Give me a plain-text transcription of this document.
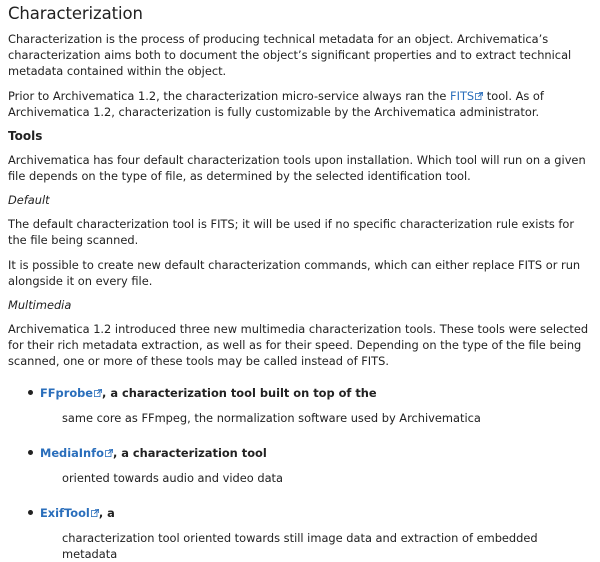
Characterization

Characterization is the process of producing technical metadata for an object. Archivematica’s characterization aims both to document the object’s significant properties and to extract technical metadata contained within the object.

Prior to Archivematica 1.2, the characterization micro-service always ran the FITS tool. As of Archivematica 1.2, characterization is fully customizable by the Archivematica administrator.

Tools

Archivematica has four default characterization tools upon installation. Which tool will run on a given file depends on the type of file, as determined by the selected identification tool.

Default

The default characterization tool is FITS; it will be used if no specific characterization rule exists for the file being scanned.

It is possible to create new default characterization commands, which can either replace FITS or run alongside it on every file.

Multimedia

Archivematica 1.2 introduced three new multimedia characterization tools. These tools were selected for their rich metadata extraction, as well as for their speed. Depending on the type of the file being scanned, one or more of these tools may be called instead of FITS.

FFprobe , a characterization tool built on top of the
same core as FFmpeg, the normalization software used by Archivematica
MediaInfo , a characterization tool
oriented towards audio and video data
ExifTool , a
characterization tool oriented towards still image data and extraction of embedded metadata
